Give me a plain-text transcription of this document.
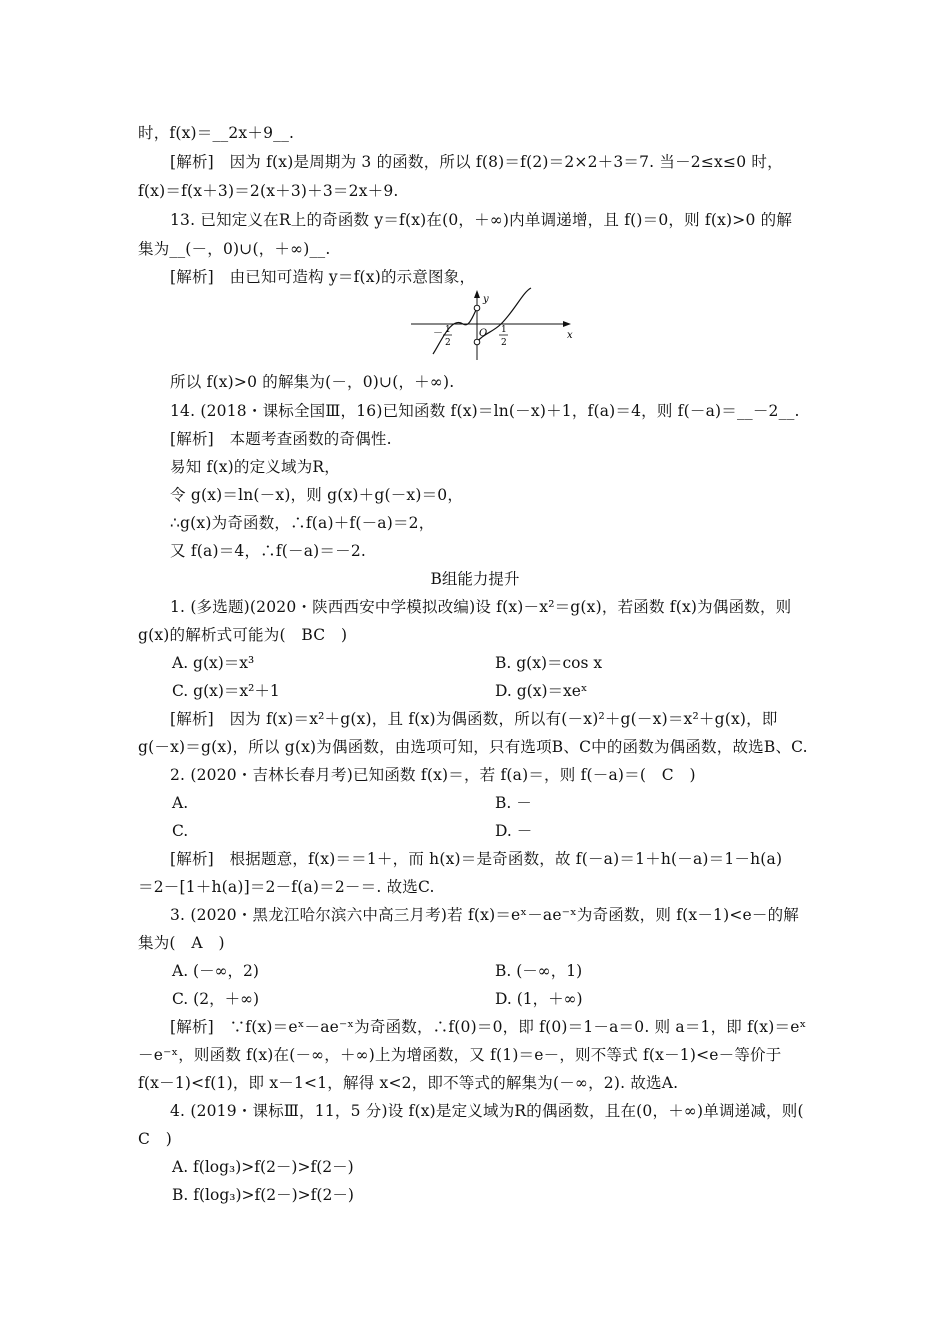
时，f(x)＝__2x＋9__.
[解析]　因为 f(x)是周期为 3 的函数，所以 f(8)＝f(2)＝2×2＋3＝7. 当－2≤x≤0 时，
f(x)＝f(x＋3)＝2(x＋3)＋3＝2x＋9.
13. 已知定义在R上的奇函数 y＝f(x)在(0，＋∞)内单调递增，且 f()＝0，则 f(x)>0 的解
集为__(－，0)∪(，＋∞)__.
[解析]　由已知可造构 y＝f(x)的示意图象，
y
x
O
－ 1
2
1
2
所以 f(x)>0 的解集为(－，0)∪(，＋∞).
14. (2018・课标全国Ⅲ，16)已知函数 f(x)＝ln(－x)＋1，f(a)＝4，则 f(－a)＝__－2__.
[解析]　本题考查函数的奇偶性.
易知 f(x)的定义域为R，
令 g(x)＝ln(－x)，则 g(x)＋g(－x)＝0，
∴g(x)为奇函数，∴f(a)＋f(－a)＝2，
又 f(a)＝4，∴f(－a)＝－2.
B组能力提升
1. (多选题)(2020・陕西西安中学模拟改编)设 f(x)－x²＝g(x)，若函数 f(x)为偶函数，则
g(x)的解析式可能为(　BC　)
A. g(x)＝x³	B. g(x)＝cos x
C. g(x)＝x²＋1	D. g(x)＝xeˣ
[解析]　因为 f(x)＝x²＋g(x)，且 f(x)为偶函数，所以有(－x)²＋g(－x)＝x²＋g(x)，即
g(－x)＝g(x)，所以 g(x)为偶函数，由选项可知，只有选项B、C中的函数为偶函数，故选B、C.
2. (2020・吉林长春月考)已知函数 f(x)＝，若 f(a)＝，则 f(－a)＝(　C　)
A.	B. －
C.	D. －
[解析]　根据题意，f(x)＝＝1＋，而 h(x)＝是奇函数，故 f(－a)＝1＋h(－a)＝1－h(a)
＝2－[1＋h(a)]＝2－f(a)＝2－＝. 故选C.
3. (2020・黑龙江哈尔滨六中高三月考)若 f(x)＝eˣ－ae⁻ˣ为奇函数，则 f(x－1)<e－的解
集为(　A　)
A. (－∞，2)	B. (－∞，1)
C. (2，＋∞)	D. (1，＋∞)
[解析]　∵f(x)＝eˣ－ae⁻ˣ为奇函数，∴f(0)＝0，即 f(0)＝1－a＝0. 则 a＝1，即 f(x)＝eˣ
－e⁻ˣ，则函数 f(x)在(－∞，＋∞)上为增函数，又 f(1)＝e－，则不等式 f(x－1)<e－等价于
f(x－1)<f(1)，即 x－1<1，解得 x<2，即不等式的解集为(－∞，2). 故选A.
4. (2019・课标Ⅲ，11，5 分)设 f(x)是定义域为R的偶函数，且在(0，＋∞)单调递减，则(
C　)
A. f(log₃)>f(2－)>f(2－)
B. f(log₃)>f(2－)>f(2－)
